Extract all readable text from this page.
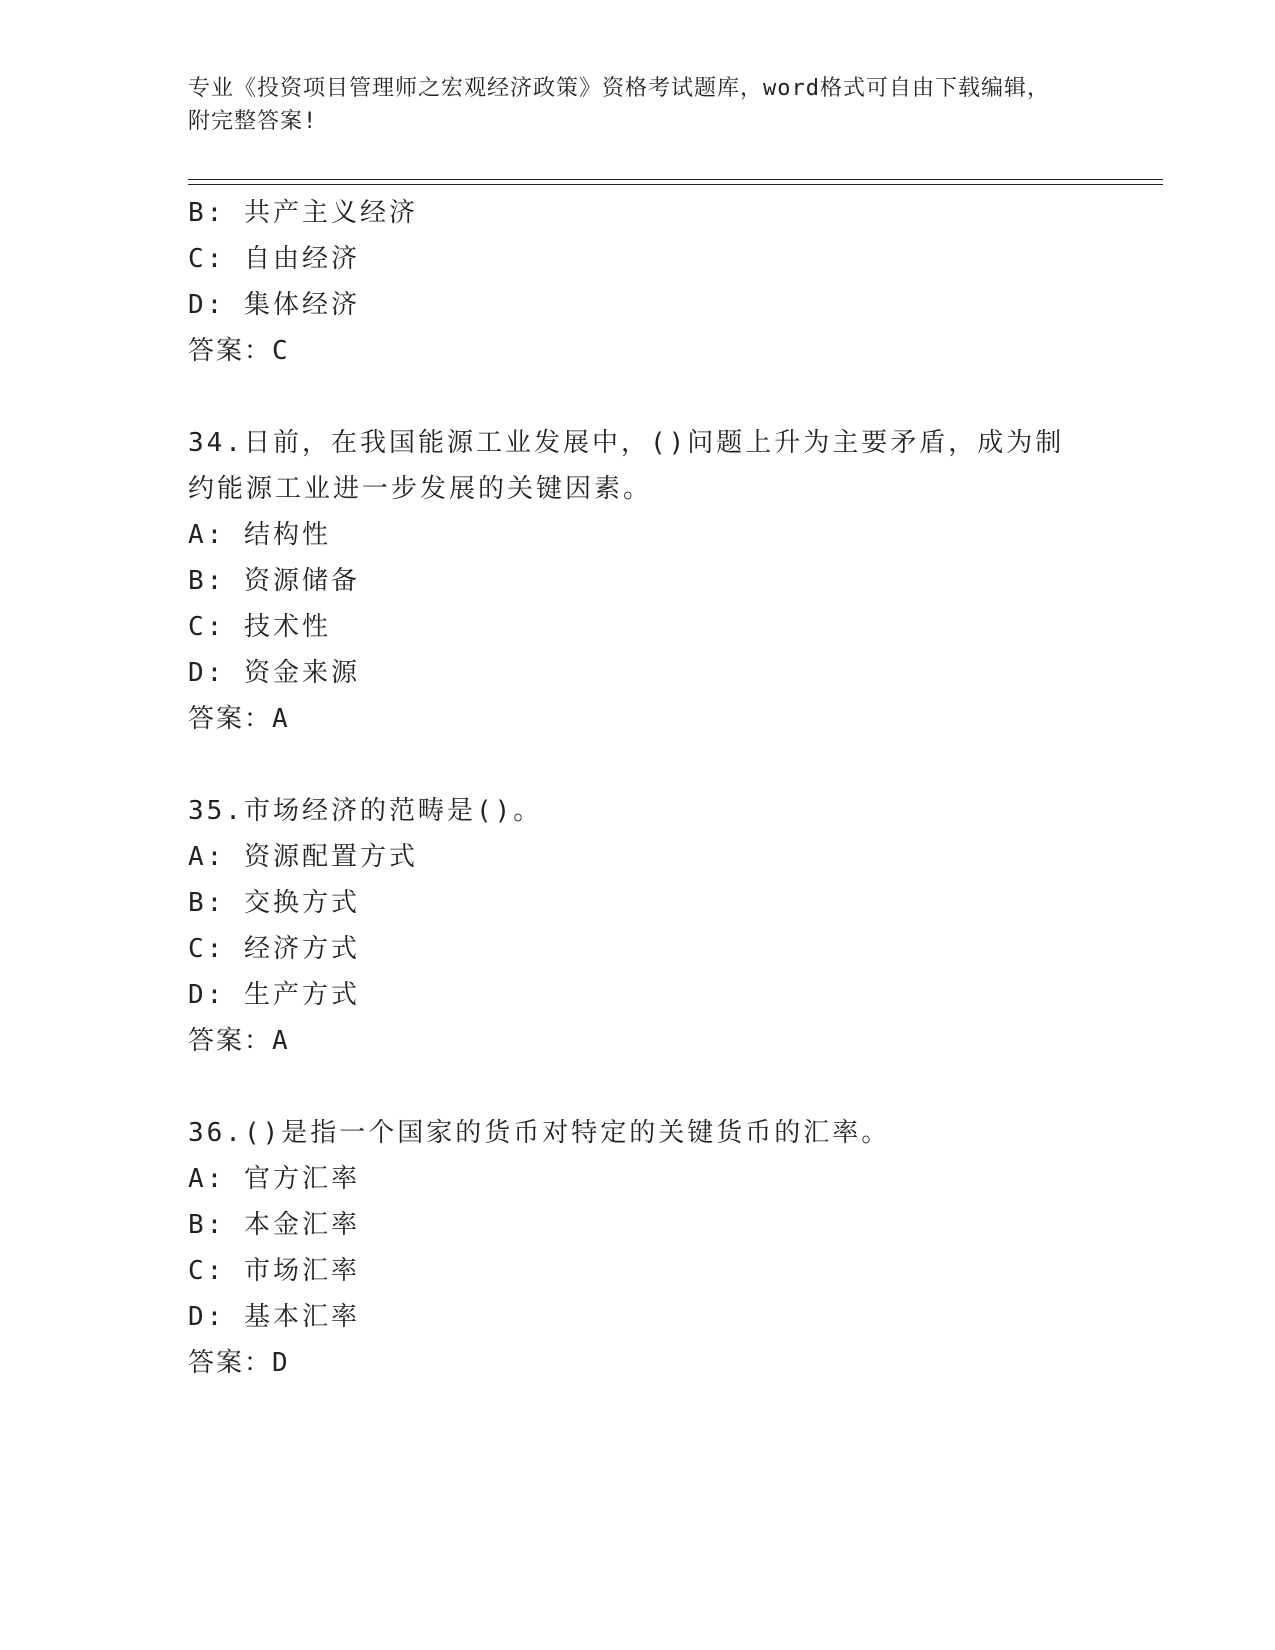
专业《投资项目管理师之宏观经济政策》资格考试题库，word格式可自由下载编辑，附完整答案!
B: 共产主义经济
C: 自由经济
D: 集体经济
答案：C
34.日前，在我国能源工业发展中，()问题上升为主要矛盾，成为制约能源工业进一步发展的关键因素。
A: 结构性
B: 资源储备
C: 技术性
D: 资金来源
答案：A
35.市场经济的范畴是()。
A: 资源配置方式
B: 交换方式
C: 经济方式
D: 生产方式
答案：A
36.()是指一个国家的货币对特定的关键货币的汇率。
A: 官方汇率
B: 本金汇率
C: 市场汇率
D: 基本汇率
答案：D
